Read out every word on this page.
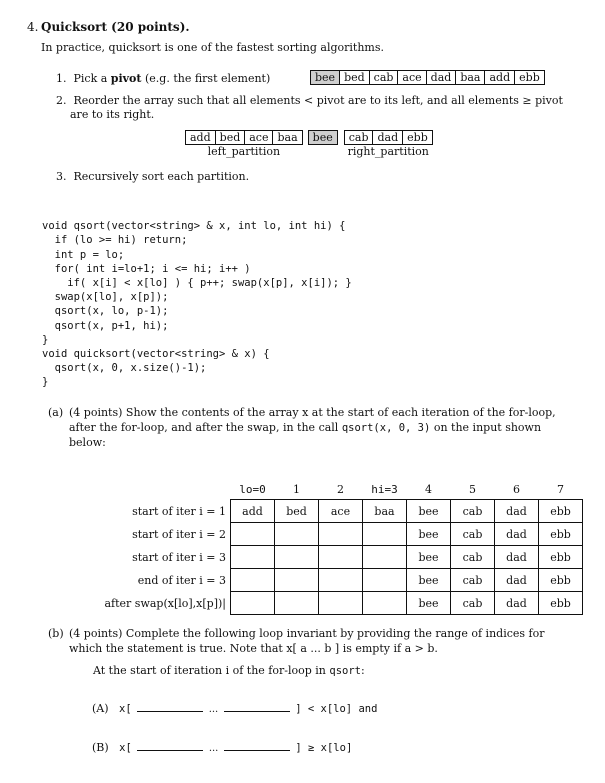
4. Quicksort (20 points).
In practice, quicksort is one of the fastest sorting algorithms.
1. Pick a pivot (e.g. the first element)	bee bed cab ace dad baa add ebb
2. Reorder the array such that all elements < pivot are to its left, and all elements ≥ pivot
are to its right.
add bed ace baa
left_partition
bee	cab dad ebb
right_partition
3. Recursively sort each partition.

void qsort(vector<string> & x, int lo, int hi) {
if (lo >= hi) return;
int p = lo;
for( int i=lo+1; i <= hi; i++ )
if( x[i] < x[lo] ) { p++; swap(x[p], x[i]); }
swap(x[lo], x[p]);
qsort(x, lo, p-1);
qsort(x, p+1, hi);
}
void quicksort(vector<string> & x) {
qsort(x, 0, x.size()-1);
}

(a) (4 points) Show the contents of the array x at the start of each iteration of the for-loop,
after the for-loop, and after the swap, in the call qsort(x, 0, 3) on the input shown
below:
	lo=0	1	2	hi=3	4	5	6	7
start of iter i = 1	add	bed	ace	baa	bee	cab	dad	ebb
start of iter i = 2					bee	cab	dad	ebb
start of iter i = 3					bee	cab	dad	ebb
end of iter i = 3					bee	cab	dad	ebb
after swap(x[lo],x[p])|					bee	cab	dad	ebb
(b) (4 points) Complete the following loop invariant by providing the range of indices for
which the statement is true. Note that x[ a ... b ] is empty if a > b.
At the start of iteration i of the for-loop in qsort:
(A) x[	...	] < x[lo] and
(B) x[	...	] ≥ x[lo]
